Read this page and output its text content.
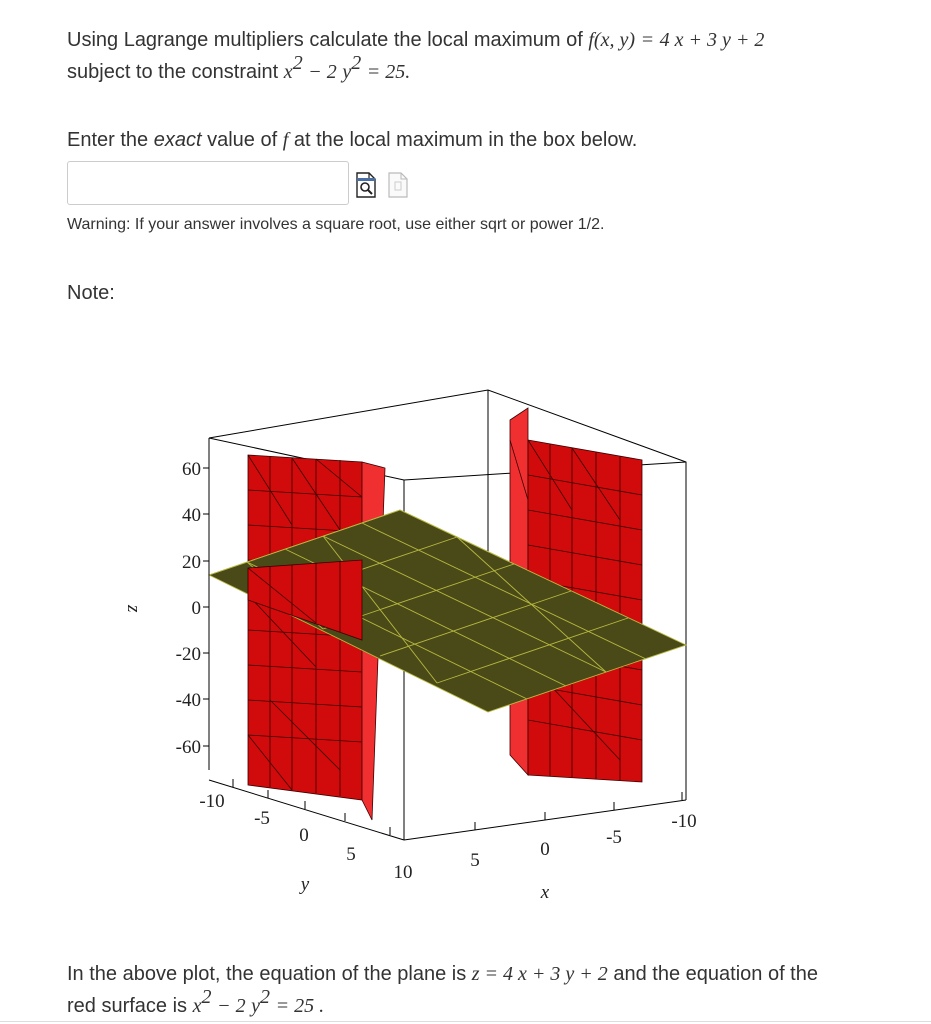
Using Lagrange multipliers calculate the local maximum of f(x, y) = 4 x + 3 y + 2
subject to the constraint $x^2 - 2$ $y^2 = 25$.
Enter the exact value of f at the local maximum in the box below.
Warning: If your answer involves a square root, use either sqrt or power 1/2.
Note:
60
40
20
0
-20
-40
-60
z
-10
-5
0
5
10
y
5
0
-5
-10
x
In the above plot, the equation of the plane is z = 4 x + 3 y + 2 and the equation of the
red surface is $x^2 - 2$ $y^2 = 25$ .
